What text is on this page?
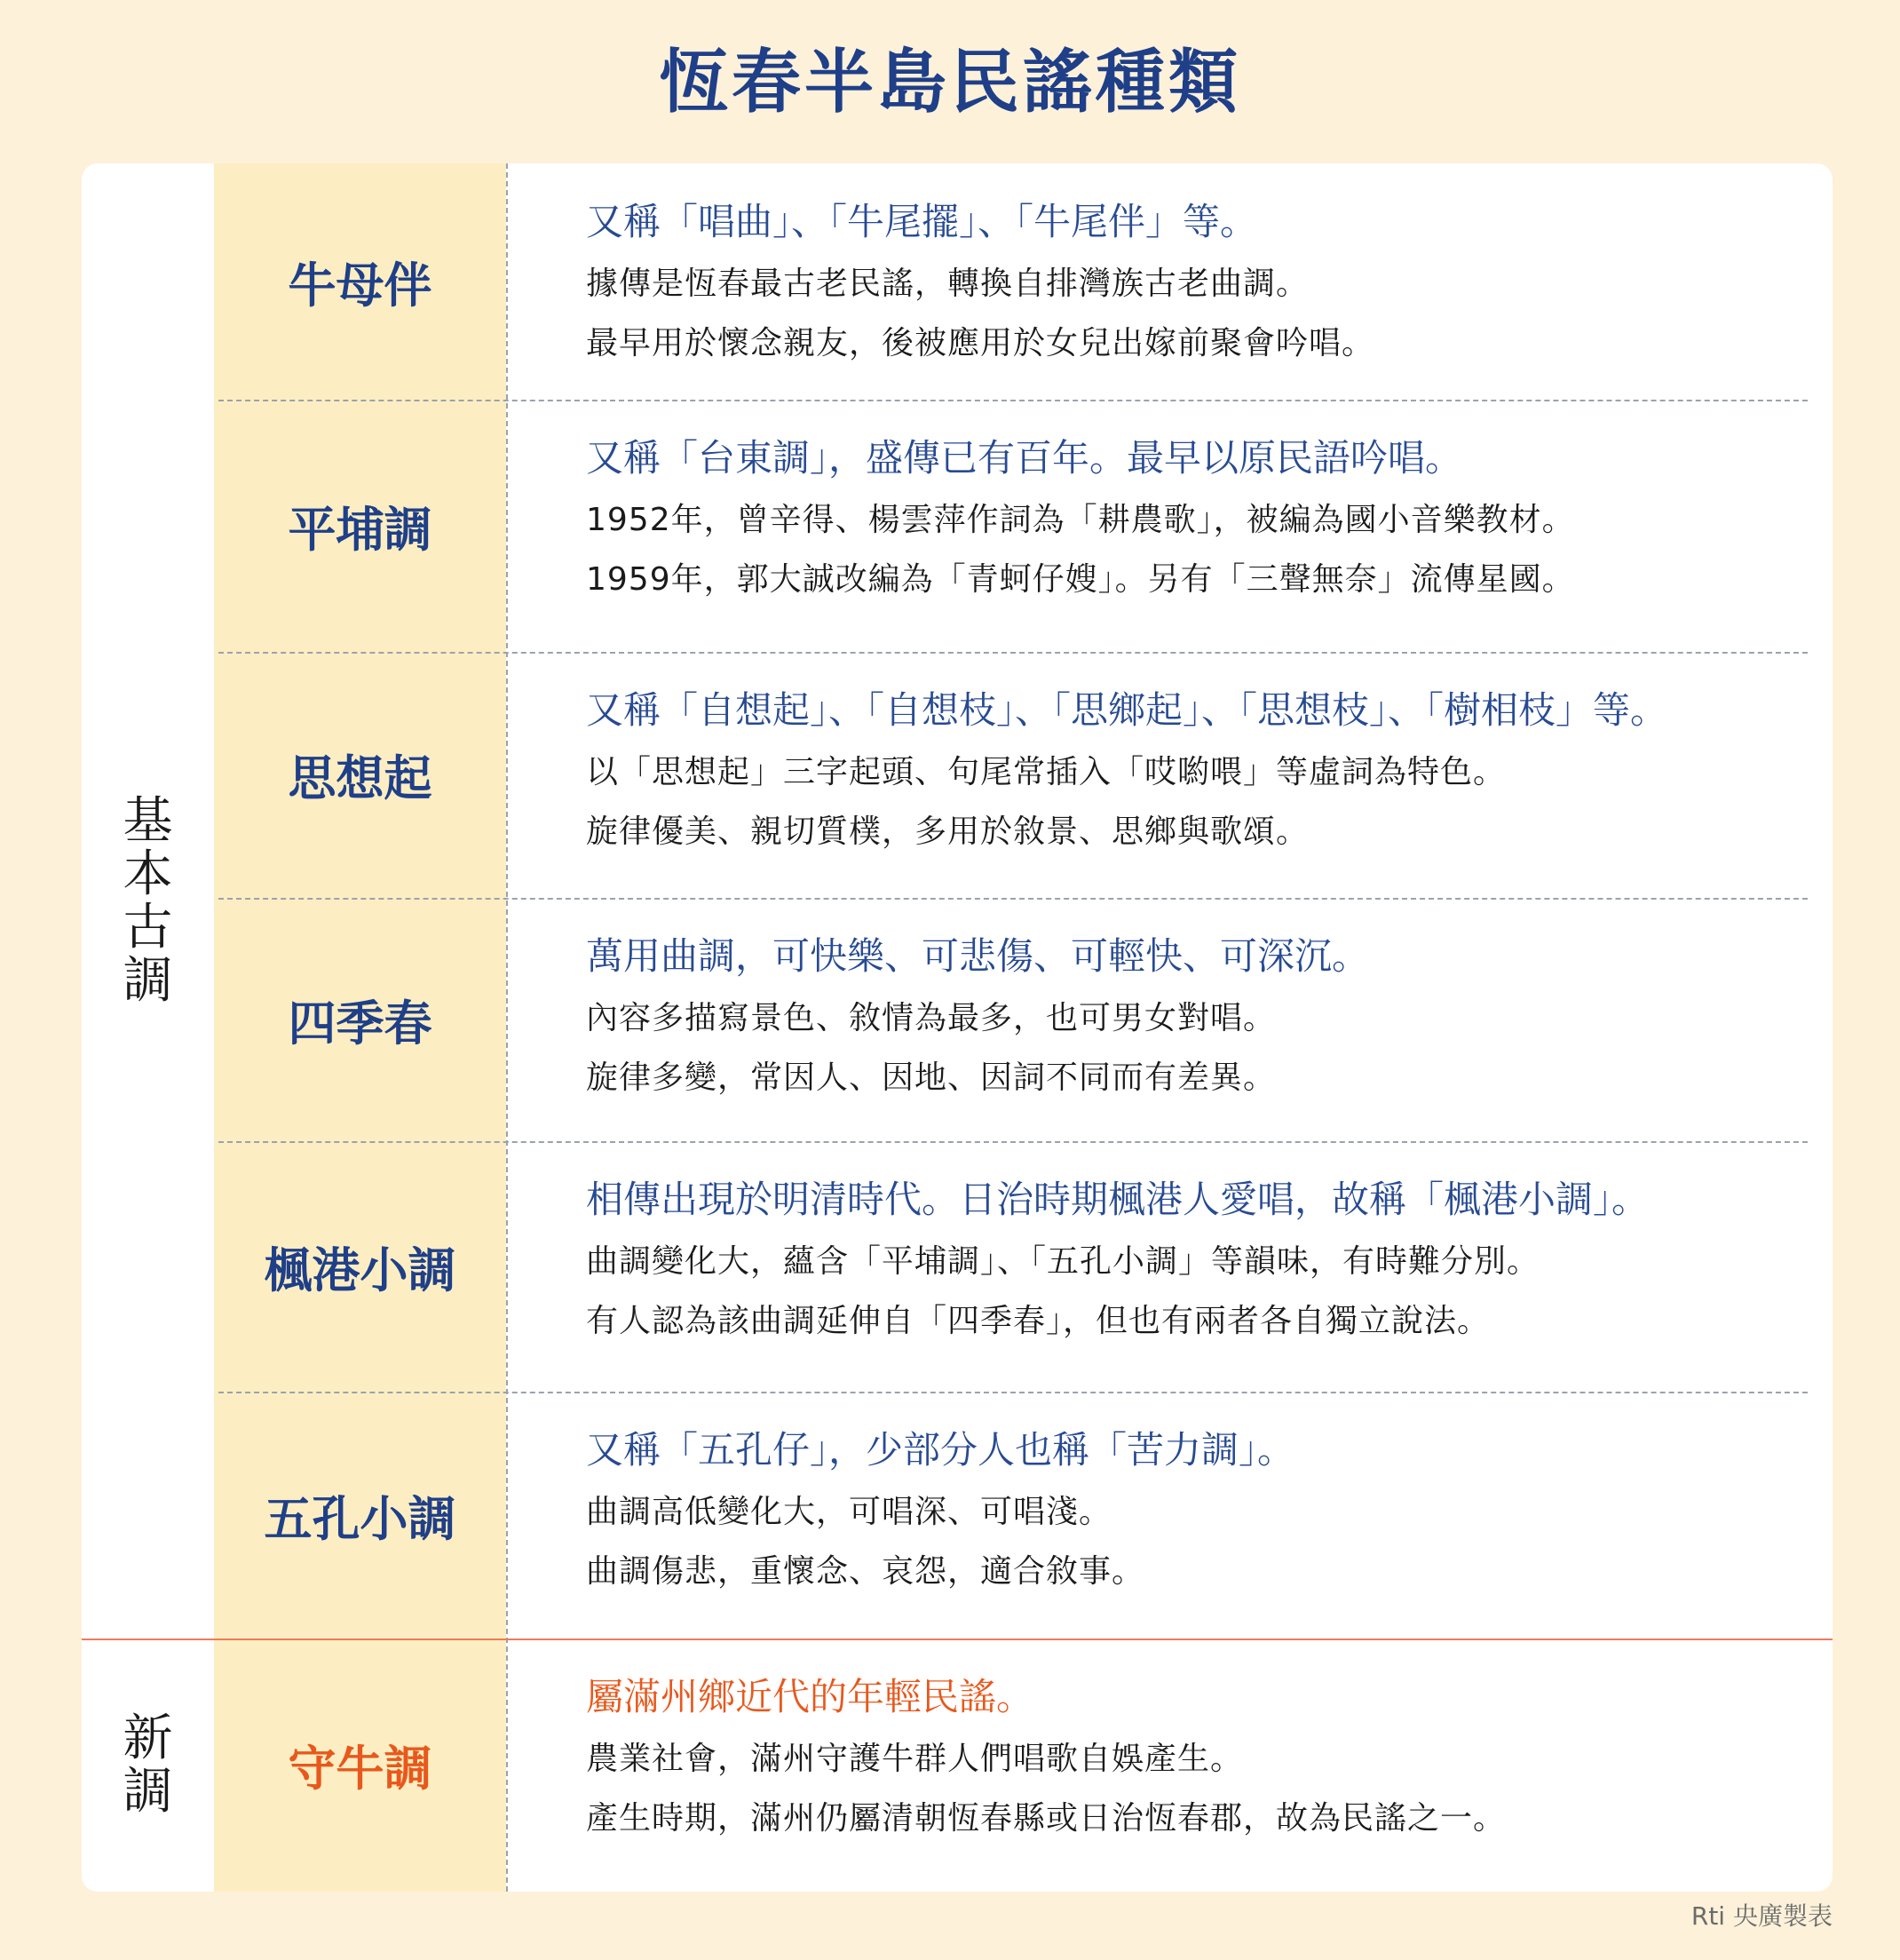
恆春半島民謠種類
基
本
古
調
新
調
牛母伴
又稱「唱曲」、「牛尾擺」、「牛尾伴」等。
據傳是恆春最古老民謠，轉換自排灣族古老曲調。
最早用於懷念親友，後被應用於女兒出嫁前聚會吟唱。
平埔調
又稱「台東調」，盛傳已有百年。最早以原民語吟唱。
1952年，曾辛得、楊雲萍作詞為「耕農歌」，被編為國小音樂教材。
1959年，郭大誠改編為「青蚵仔嫂」。另有「三聲無奈」流傳星國。
思想起
又稱「自想起」、「自想枝」、「思鄉起」、「思想枝」、「樹相枝」等。
以「思想起」三字起頭、句尾常插入「哎喲喂」等虛詞為特色。
旋律優美、親切質樸，多用於敘景、思鄉與歌頌。
四季春
萬用曲調，可快樂、可悲傷、可輕快、可深沉。
內容多描寫景色、敘情為最多，也可男女對唱。
旋律多變，常因人、因地、因詞不同而有差異。
楓港小調
相傳出現於明清時代。日治時期楓港人愛唱，故稱「楓港小調」。
曲調變化大，蘊含「平埔調」、「五孔小調」等韻味，有時難分別。
有人認為該曲調延伸自「四季春」，但也有兩者各自獨立說法。
五孔小調
又稱「五孔仔」，少部分人也稱「苦力調」。
曲調高低變化大，可唱深、可唱淺。
曲調傷悲，重懷念、哀怨，適合敘事。
守牛調
屬滿州鄉近代的年輕民謠。
農業社會，滿州守護牛群人們唱歌自娛產生。
產生時期，滿州仍屬清朝恆春縣或日治恆春郡，故為民謠之一。
Rti 央廣製表
